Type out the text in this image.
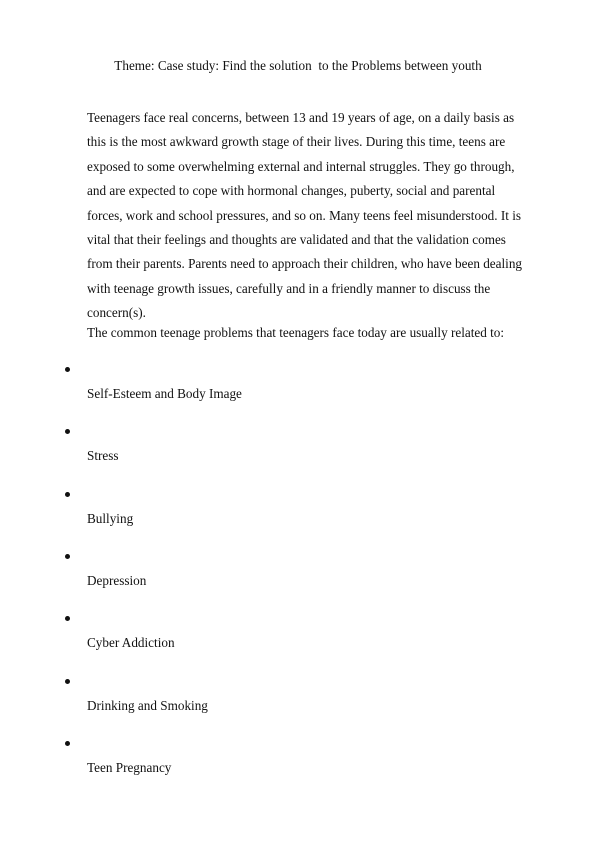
Theme: Case study: Find the solution  to the Problems between youth

Teenagers face real concerns, between 13 and 19 years of age, on a daily basis as
this is the most awkward growth stage of their lives. During this time, teens are
exposed to some overwhelming external and internal struggles. They go through,
and are expected to cope with hormonal changes, puberty, social and parental
forces, work and school pressures, and so on. Many teens feel misunderstood. It is
vital that their feelings and thoughts are validated and that the validation comes
from their parents. Parents need to approach their children, who have been dealing
with teenage growth issues, carefully and in a friendly manner to discuss the
concern(s).

The common teenage problems that teenagers face today are usually related to:
Self-Esteem and Body Image
Stress
Bullying
Depression
Cyber Addiction
Drinking and Smoking
Teen Pregnancy
